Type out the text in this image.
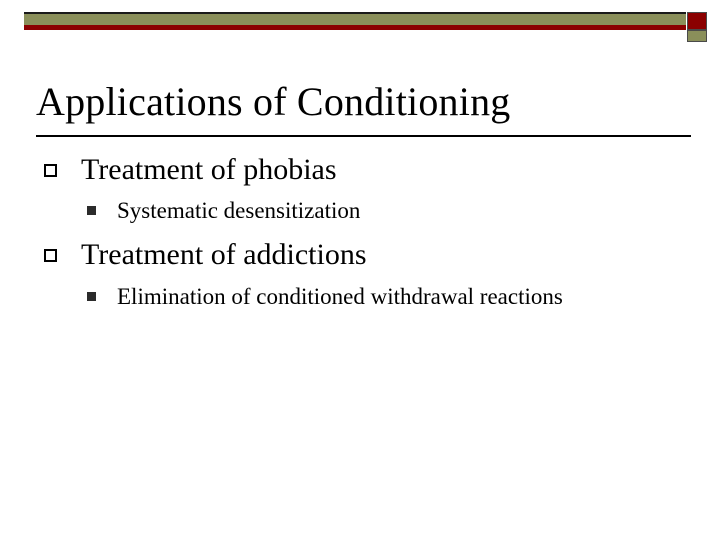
Applications of Conditioning
Treatment of phobias
Systematic desensitization
Treatment of addictions
Elimination of conditioned withdrawal reactions
